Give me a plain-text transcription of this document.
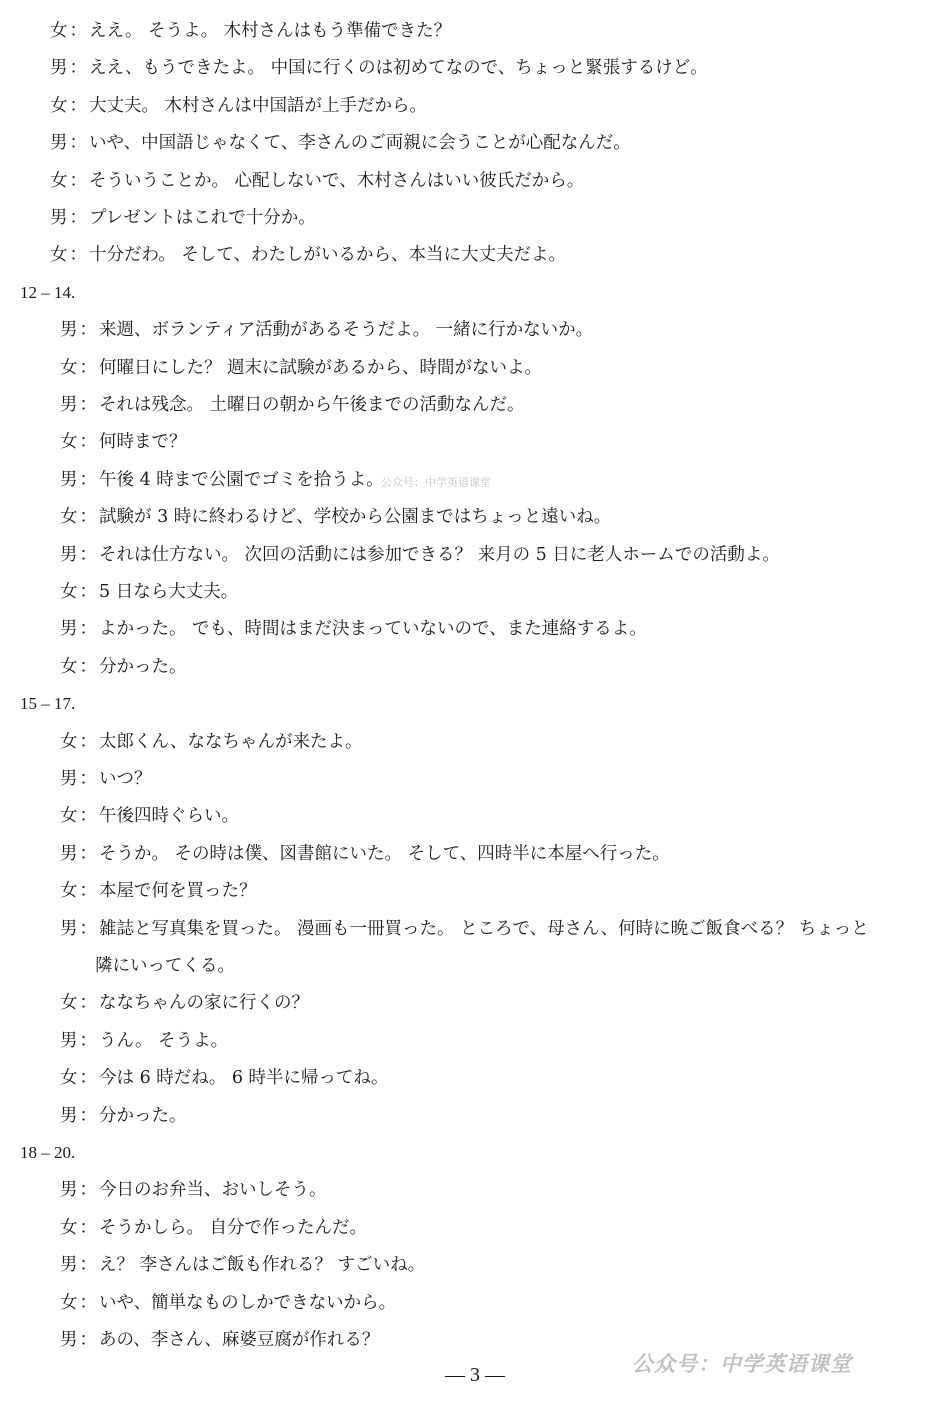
女 ： ええ。 そうよ。 木村さんはもう準備できた？
男 ： ええ、もうできたよ。 中国に行くのは初めてなので、ちょっと緊張するけど。
女 ： 大丈夫。 木村さんは中国語が上手だから。
男 ： いや、中国語じゃなくて、李さんのご両親に会うことが心配なんだ。
女 ： そういうことか。 心配しないで、木村さんはいい彼氏だから。
男 ： プレゼントはこれで十分か。
女 ： 十分だわ。 そして、わたしがいるから、本当に大丈夫だよ。
12 – 14.
男 ： 来週、ボランティア活動があるそうだよ。 一緒に行かないか。
女 ： 何曜日にした？ 週末に試験があるから、時間がないよ。
男 ： それは残念。 土曜日の朝から午後までの活動なんだ。
女 ： 何時まで？
男 ： 午後 4 時まで公園でゴミを拾うよ。
女 ： 試験が 3 時に終わるけど、学校から公園まではちょっと遠いね。
男 ： それは仕方ない。 次回の活動には参加できる？ 来月の 5 日に老人ホームでの活動よ。
女 ： 5 日なら大丈夫。
男 ： よかった。 でも、時間はまだ決まっていないので、また連絡するよ。
女 ： 分かった。
15 – 17.
女 ： 太郎くん、ななちゃんが来たよ。
男 ： いつ？
女 ： 午後四時ぐらい。
男 ： そうか。 その時は僕、図書館にいた。 そして、四時半に本屋へ行った。
女 ： 本屋で何を買った？
男 ： 雑誌と写真集を買った。 漫画も一冊買った。 ところで、母さん、何時に晩ご飯食べる？ ちょっと
隣にいってくる。
女 ： ななちゃんの家に行くの？
男 ： うん。 そうよ。
女 ： 今は 6 時だね。 6 時半に帰ってね。
男 ： 分かった。
18 – 20.
男 ： 今日のお弁当、おいしそう。
女 ： そうかしら。 自分で作ったんだ。
男 ： え？ 李さんはご飯も作れる？ すごいね。
女 ： いや、簡単なものしかできないから。
男 ： あの、李さん、麻婆豆腐が作れる？
— 3 —	公众号：中学英语课堂
公众号：中学英语课堂
